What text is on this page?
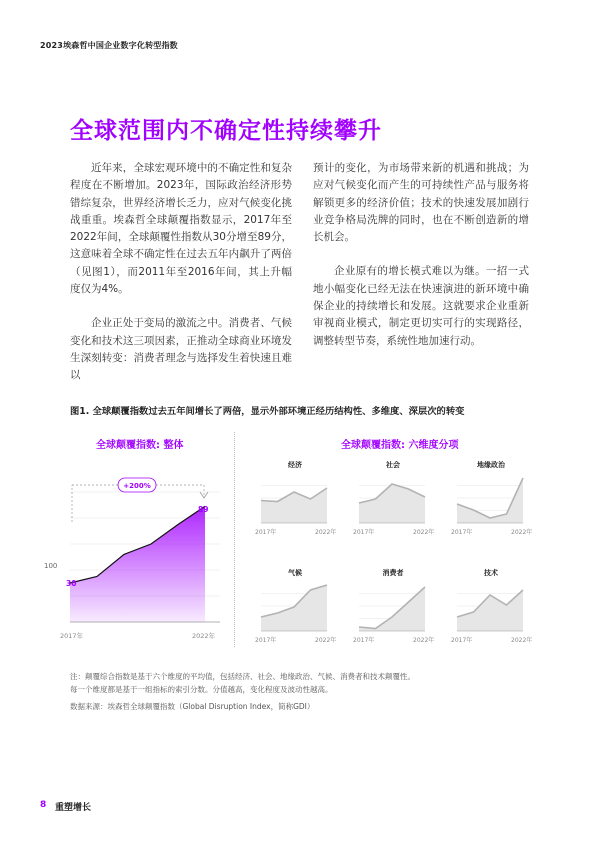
2023埃森哲中国企业数字化转型指数
全球范围内不确定性持续攀升

近年来，全球宏观环境中的不确定性和复杂程度在不断增加。2023年，国际政治经济形势错综复杂，世界经济增长乏力，应对气候变化挑战重重。埃森哲全球颠覆指数显示，2017年至2022年间，全球颠覆性指数从30分增至89分，这意味着全球不确定性在过去五年内飙升了两倍（见图1），而2011年至2016年间，其上升幅度仅为4%。

企业正处于变局的激流之中。消费者、气候变化和技术这三项因素，正推动全球商业环境发生深刻转变：消费者理念与选择发生着快速且难以

预计的变化，为市场带来新的机遇和挑战；为应对气候变化而产生的可持续性产品与服务将解锁更多的经济价值；技术的快速发展加剧行业竞争格局洗牌的同时，也在不断创造新的增长机会。

企业原有的增长模式难以为继。一招一式地小幅变化已经无法在快速演进的新环境中确保企业的持续增长和发展。这就要求企业重新审视商业模式，制定更切实可行的实现路径，调整转型节奏，系统性地加速行动。

图1. 全球颠覆指数过去五年间增长了两倍，显示外部环境正经历结构性、多维度、深层次的转变
全球颠覆指数: 整体	全球颠覆指数: 六维度分项
100
30
89
+200%
2017年	2022年
经济
2017年	2022年
社会
2017年	2022年
地缘政治
2017年	2022年
气候
2017年	2022年
消费者
2017年	2022年
技术
2017年	2022年
注：颠覆综合指数是基于六个维度的平均值，包括经济、社会、地缘政治、气候、消费者和技术颠覆性。
每一个维度都是基于一组指标的索引分数。分值越高，变化程度及波动性越高。
数据来源：埃森哲全球颠覆指数（Global Disruption Index，简称GDI）
8 重塑增长
